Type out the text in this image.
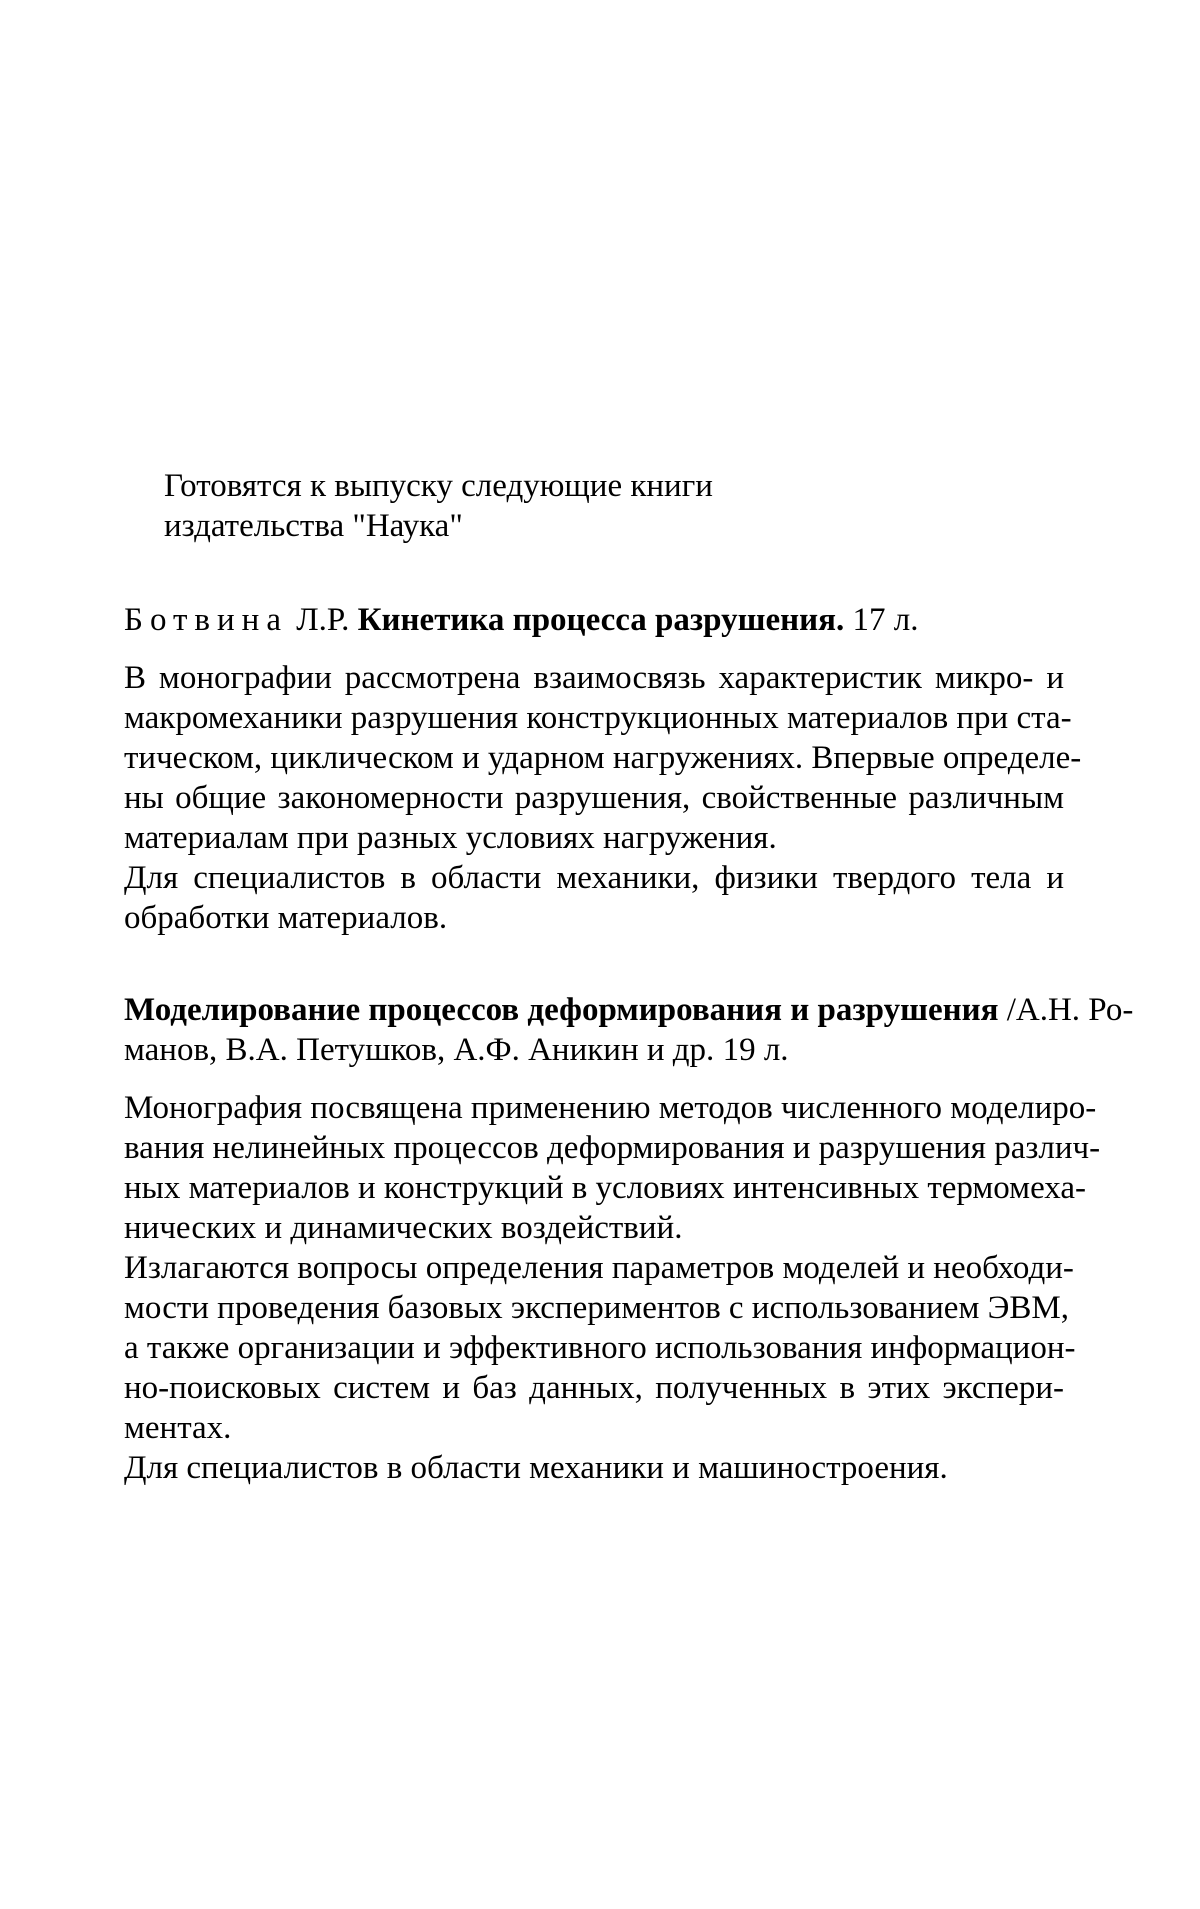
Готовятся к выпуску следующие книги
издательства "Наука"
Ботвина Л.Р. Кинетика процесса разрушения. 17 л.
В монографии рассмотрена взаимосвязь характеристик микро- и
макромеханики разрушения конструкционных материалов при ста-
тическом, циклическом и ударном нагружениях. Впервые определе-
ны общие закономерности разрушения, свойственные различным
материалам при разных условиях нагружения.
Для специалистов в области механики, физики твердого тела и
обработки материалов.
Моделирование процессов деформирования и разрушения /А.Н. Ро-
манов, В.А. Петушков, А.Ф. Аникин и др. 19 л.
Монография посвящена применению методов численного моделиро-
вания нелинейных процессов деформирования и разрушения различ-
ных материалов и конструкций в условиях интенсивных термомеха-
нических и динамических воздействий.
Излагаются вопросы определения параметров моделей и необходи-
мости проведения базовых экспериментов с использованием ЭВМ,
а также организации и эффективного использования информацион-
но-поисковых систем и баз данных, полученных в этих экспери-
ментах.
Для специалистов в области механики и машиностроения.
